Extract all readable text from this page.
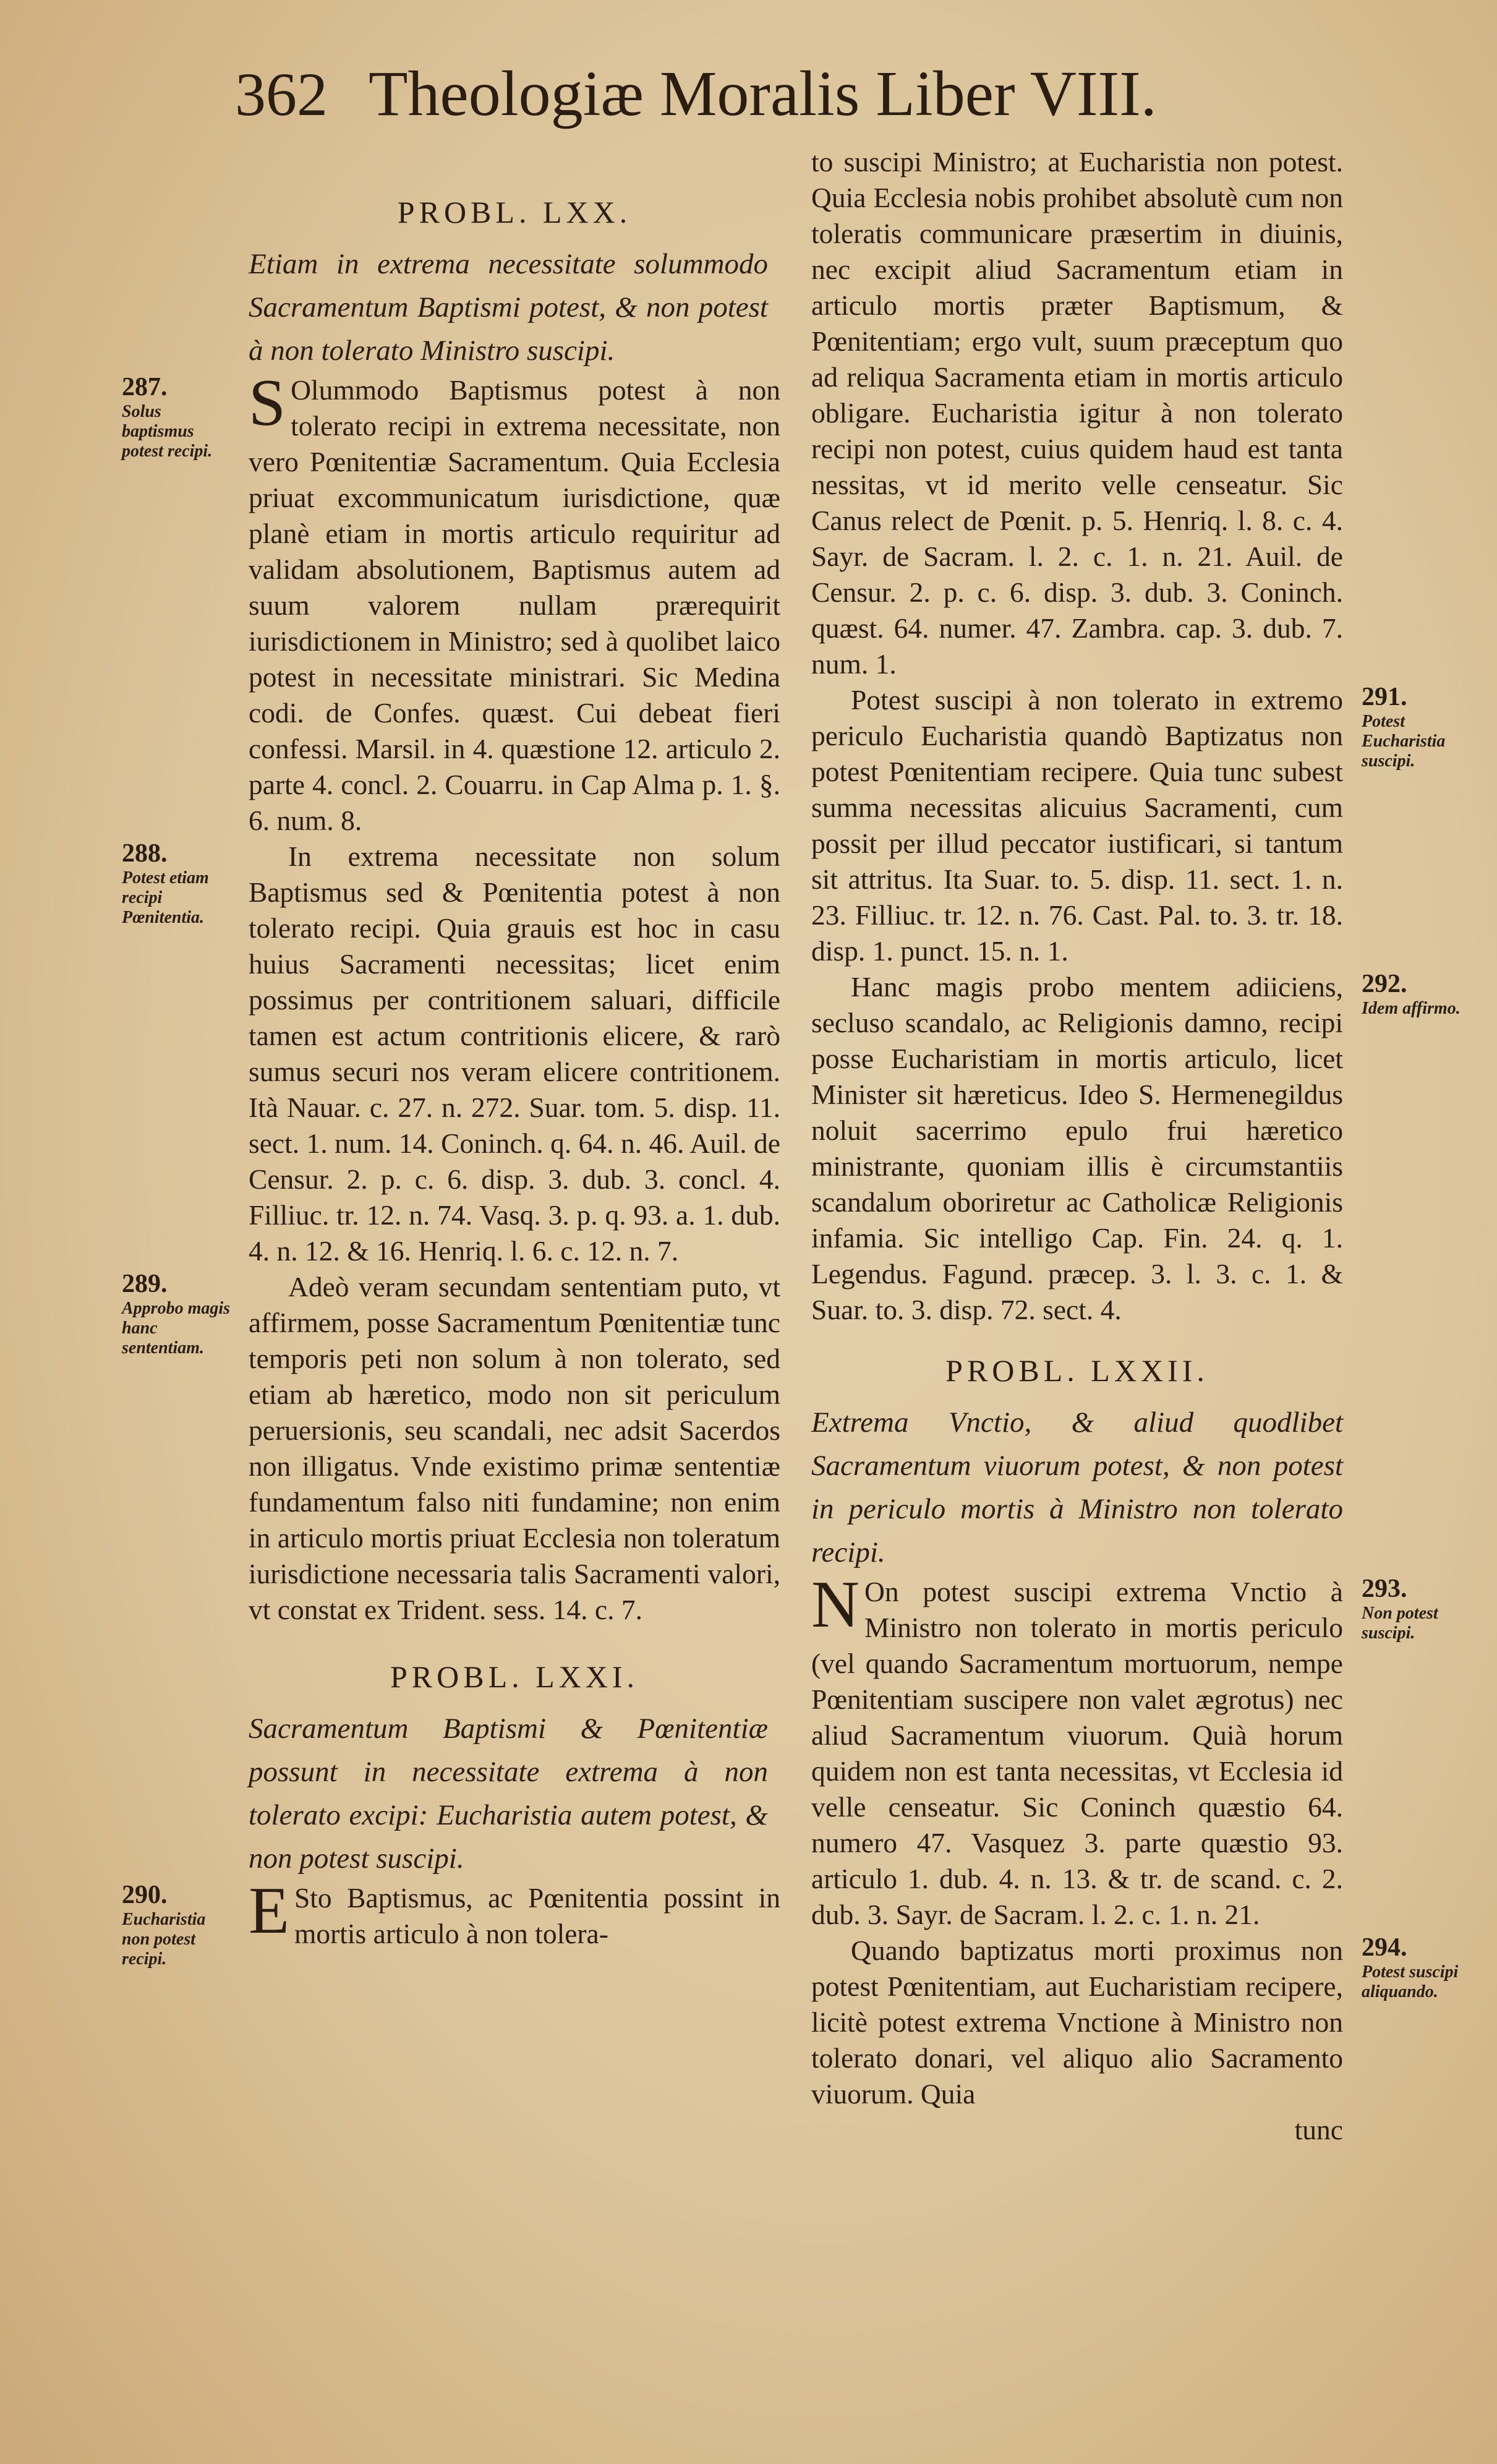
362 Theologiæ Moralis Liber VIII.
PROBL. LXX.

Etiam in extrema necessitate solummodo Sacramentum Baptismi potest, & non potest à non tolerato Ministro suscipi.

287.
Solus baptismus potest recipi.

S Olummodo Baptismus potest à non tolerato recipi in extrema necessitate, non vero Pœnitentiæ Sacramentum. Quia Ecclesia priuat excommunicatum iurisdictione, quæ planè etiam in mortis articulo requiritur ad validam absolutionem, Baptismus autem ad suum valorem nullam prærequirit iurisdictionem in Ministro; sed à quolibet laico potest in necessitate ministrari. Sic Medina codi. de Confes. quæst. Cui debeat fieri confessi. Marsil. in 4. quæstione 12. articulo 2. parte 4. concl. 2. Couarru. in Cap Alma p. 1. §. 6. num. 8.

288.
Potest etiam recipi Pœnitentia.

In extrema necessitate non solum Baptismus sed & Pœnitentia potest à non tolerato recipi. Quia grauis est hoc in casu huius Sacramenti necessitas; licet enim possimus per contritionem saluari, difficile tamen est actum contritionis elicere, & rarò sumus securi nos veram elicere contritionem. Ità Nauar. c. 27. n. 272. Suar. tom. 5. disp. 11. sect. 1. num. 14. Coninch. q. 64. n. 46. Auil. de Censur. 2. p. c. 6. disp. 3. dub. 3. concl. 4. Filliuc. tr. 12. n. 74. Vasq. 3. p. q. 93. a. 1. dub. 4. n. 12. & 16. Henriq. l. 6. c. 12. n. 7.

289.
Approbo magis hanc sententiam.

Adeò veram secundam sententiam puto, vt affirmem, posse Sacramentum Pœnitentiæ tunc temporis peti non solum à non tolerato, sed etiam ab hæretico, modo non sit periculum peruersionis, seu scandali, nec adsit Sacerdos non illigatus. Vnde existimo primæ sententiæ fundamentum falso niti fundamine; non enim in articulo mortis priuat Ecclesia non toleratum iurisdictione necessaria talis Sacramenti valori, vt constat ex Trident. sess. 14. c. 7.

PROBL. LXXI.

Sacramentum Baptismi & Pœnitentiæ possunt in necessitate extrema à non tolerato excipi: Eucharistia autem potest, & non potest suscipi.

290.
Eucharistia non potest recipi.

E Sto Baptismus, ac Pœnitentia possint in mortis articulo à non tolera-

to suscipi Ministro; at Eucharistia non potest. Quia Ecclesia nobis prohibet absolutè cum non toleratis communicare præsertim in diuinis, nec excipit aliud Sacramentum etiam in articulo mortis præter Baptismum, & Pœnitentiam; ergo vult, suum præceptum quo ad reliqua Sacramenta etiam in mortis articulo obligare. Eucharistia igitur à non tolerato recipi non potest, cuius quidem haud est tanta nessitas, vt id merito velle censeatur. Sic Canus relect de Pœnit. p. 5. Henriq. l. 8. c. 4. Sayr. de Sacram. l. 2. c. 1. n. 21. Auil. de Censur. 2. p. c. 6. disp. 3. dub. 3. Coninch. quæst. 64. numer. 47. Zambra. cap. 3. dub. 7. num. 1.

291.
Potest Eucharistia suscipi.

Potest suscipi à non tolerato in extremo periculo Eucharistia quandò Baptizatus non potest Pœnitentiam recipere. Quia tunc subest summa necessitas alicuius Sacramenti, cum possit per illud peccator iustificari, si tantum sit attritus. Ita Suar. to. 5. disp. 11. sect. 1. n. 23. Filliuc. tr. 12. n. 76. Cast. Pal. to. 3. tr. 18. disp. 1. punct. 15. n. 1.

292.
Idem affirmo.

Hanc magis probo mentem adiiciens, secluso scandalo, ac Religionis damno, recipi posse Eucharistiam in mortis articulo, licet Minister sit hæreticus. Ideo S. Hermenegildus noluit sacerrimo epulo frui hæretico ministrante, quoniam illis è circumstantiis scandalum oboriretur ac Catholicæ Religionis infamia. Sic intelligo Cap. Fin. 24. q. 1. Legendus. Fagund. præcep. 3. l. 3. c. 1. & Suar. to. 3. disp. 72. sect. 4.

PROBL. LXXII.

Extrema Vnctio, & aliud quodlibet Sacramentum viuorum potest, & non potest in periculo mortis à Ministro non tolerato recipi.

293.
Non potest suscipi.

N On potest suscipi extrema Vnctio à Ministro non tolerato in mortis periculo (vel quando Sacramentum mortuorum, nempe Pœnitentiam suscipere non valet ægrotus) nec aliud Sacramentum viuorum. Quià horum quidem non est tanta necessitas, vt Ecclesia id velle censeatur. Sic Coninch quæstio 64. numero 47. Vasquez 3. parte quæstio 93. articulo 1. dub. 4. n. 13. & tr. de scand. c. 2. dub. 3. Sayr. de Sacram. l. 2. c. 1. n. 21.

294.
Potest suscipi aliquando.

Quando baptizatus morti proximus non potest Pœnitentiam, aut Eucharistiam recipere, licitè potest extrema Vnctione à Ministro non tolerato donari, vel aliquo alio Sacramento viuorum. Quia

tunc
